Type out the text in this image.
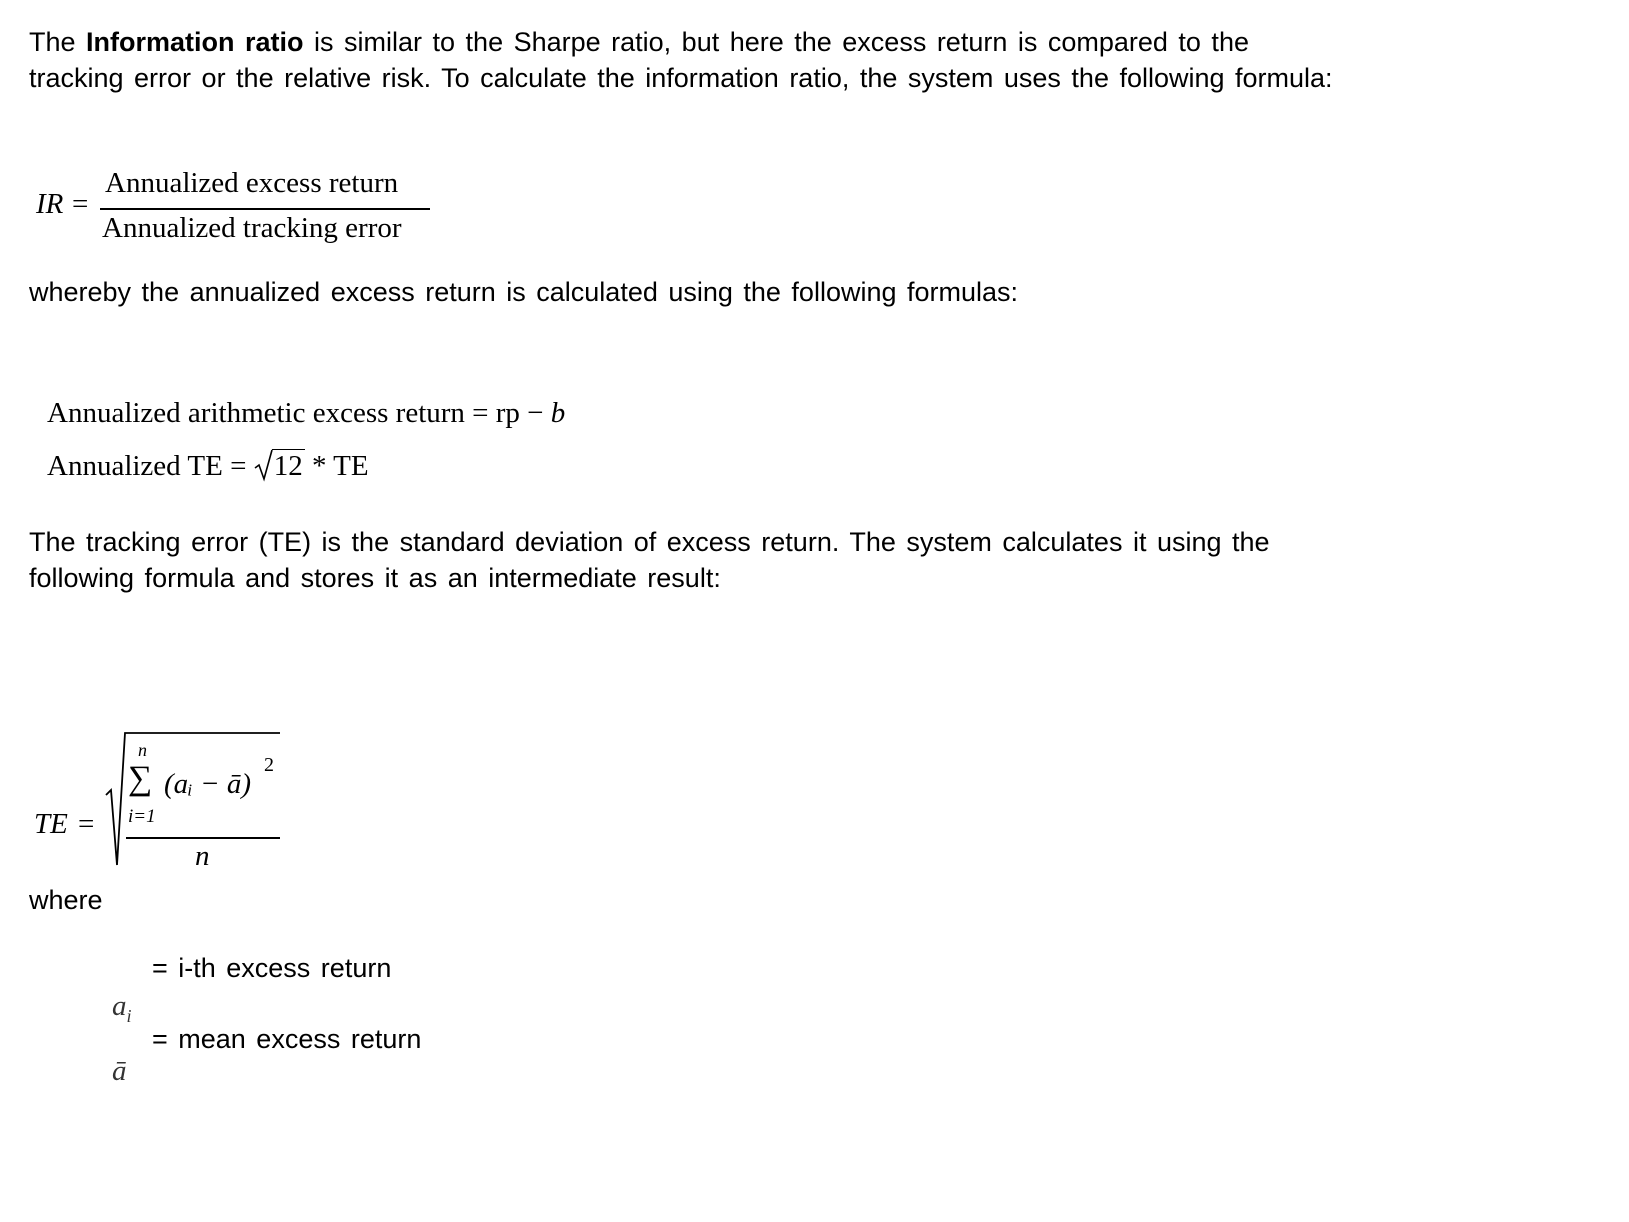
The Information ratio is similar to the Sharpe ratio, but here the excess return is compared to the
tracking error or the relative risk. To calculate the information ratio, the system uses the following formula:

IR =
Annualized excess return
Annualized tracking error

whereby the annualized excess return is calculated using the following formulas:

Annualized arithmetic excess return = rp − b
Annualized TE =
12 * TE

The tracking error (TE) is the standard deviation of excess return. The system calculates it using the
following formula and stores it as an intermediate result:

TE =
n
∑ (aᵢ − ā)
2
i=1
n

where

= i-th excess return
$a_i$
= mean excess return
ā
